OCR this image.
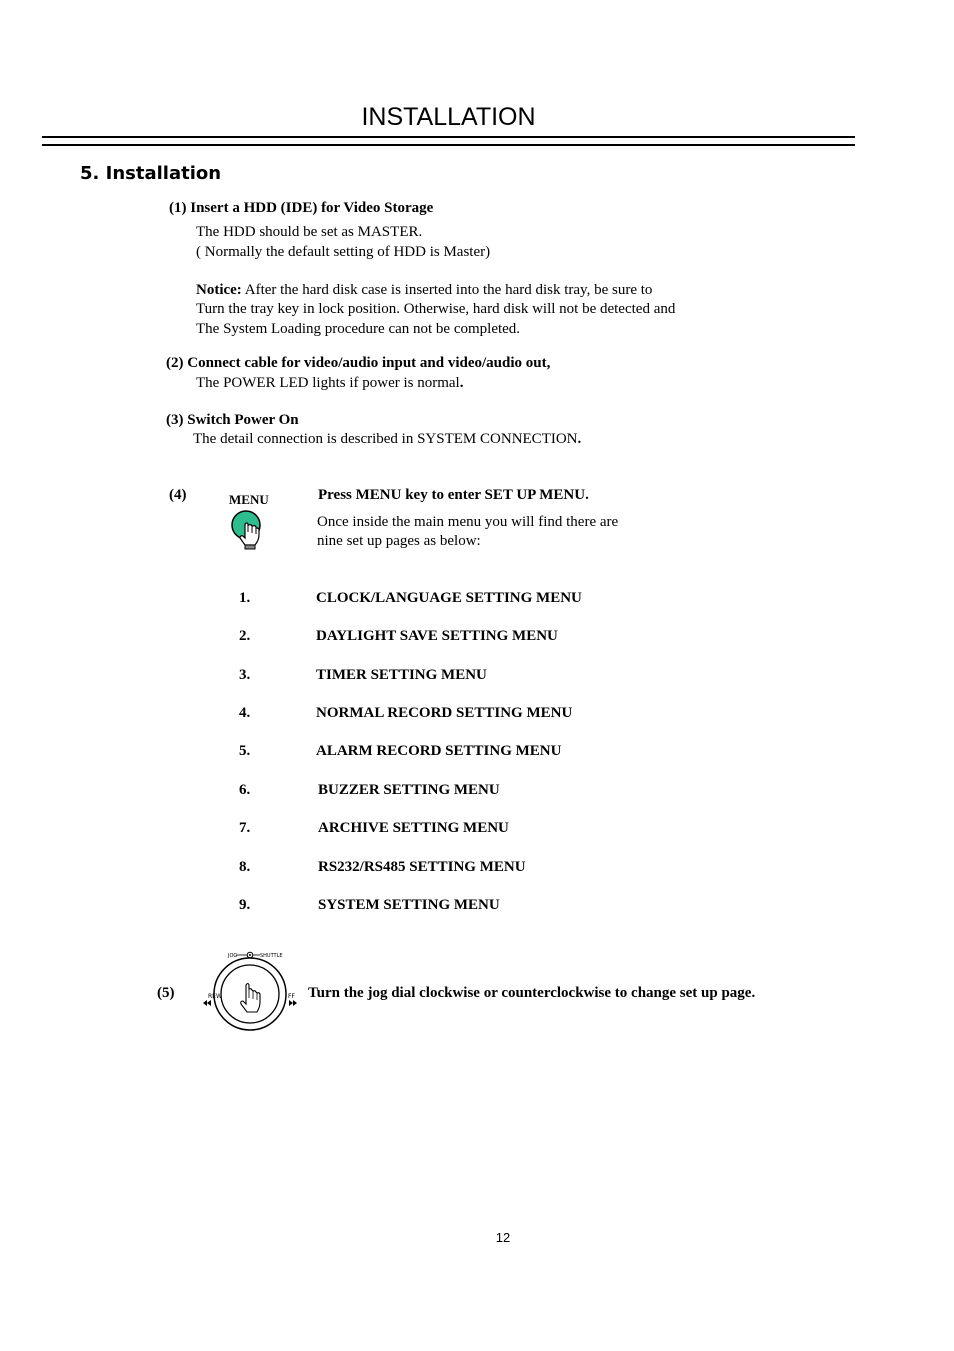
INSTALLATION
5. Installation
(1) Insert a HDD (IDE) for Video Storage
The HDD should be set as MASTER.
( Normally the default setting of HDD is Master)
Notice: After the hard disk case is inserted into the hard disk tray, be sure to
Turn the tray key in lock position. Otherwise, hard disk will not be detected and
The System Loading procedure can not be completed.
(2) Connect cable for video/audio input and video/audio out,
The POWER LED lights if power is normal.
(3) Switch Power On
The detail connection is described in SYSTEM CONNECTION.
(4)	MENU	Press MENU key to enter SET UP MENU.
Once inside the main menu you will find there are
nine set up pages as below:
1.	CLOCK/LANGUAGE SETTING MENU
2.	DAYLIGHT SAVE SETTING MENU
3.	TIMER SETTING MENU
4.	NORMAL RECORD SETTING MENU
5.	ALARM RECORD SETTING MENU
6.	BUZZER SETTING MENU
7.	ARCHIVE SETTING MENU
8.	RS232/RS485 SETTING MENU
9.	SYSTEM SETTING MENU
(5)	REW	FF
JOG	SHUTTLE
Turn the jog dial clockwise or counterclockwise to change set up page.
12
